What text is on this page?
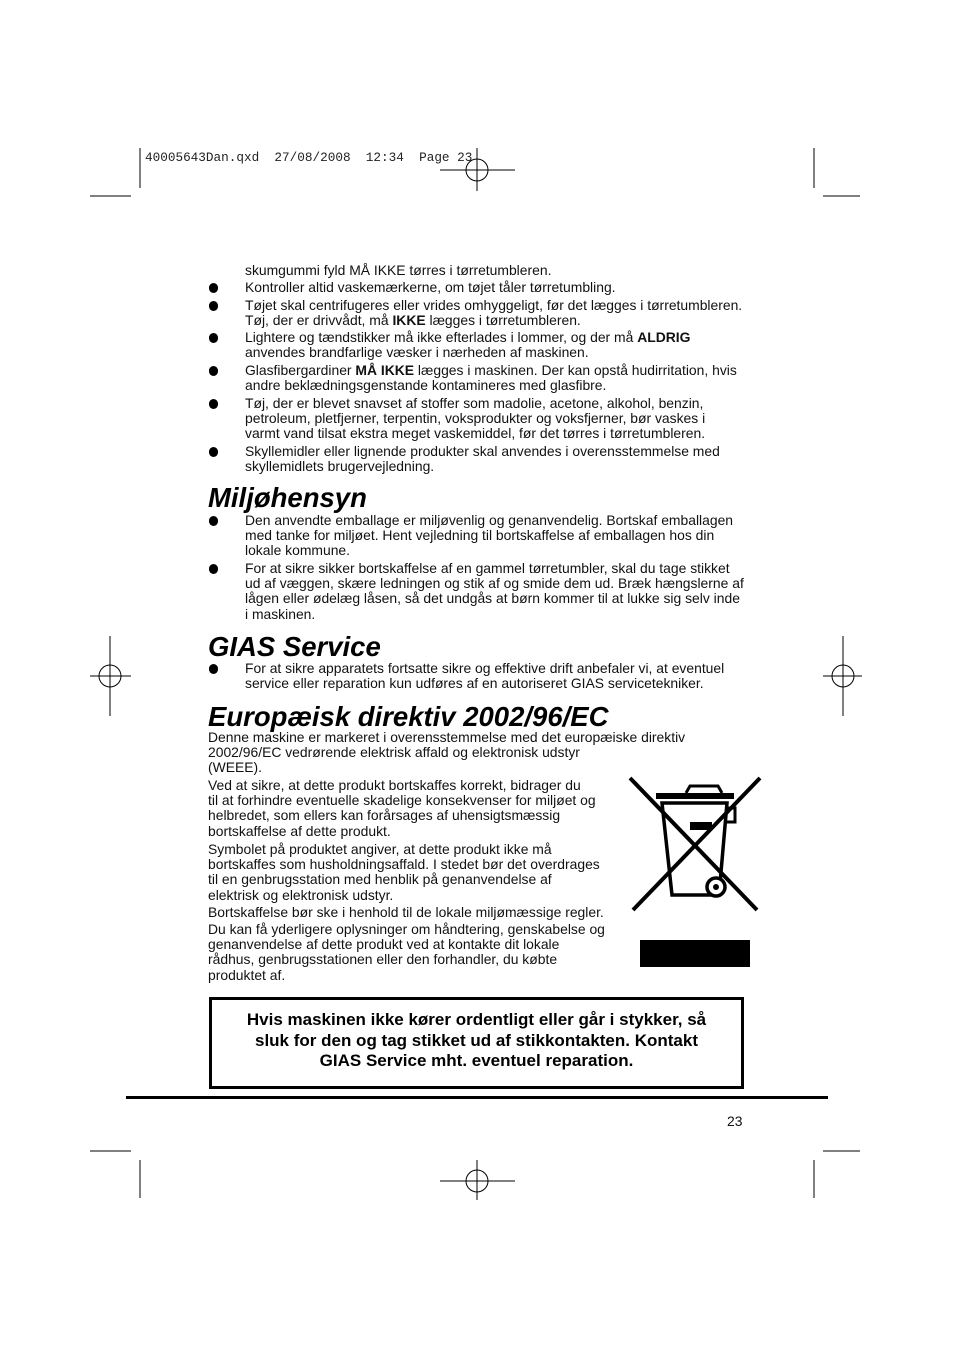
40005643Dan.qxd  27/08/2008  12:34  Page 23
skumgummi fyld MÅ IKKE tørres i tørretumbleren.
Kontroller altid vaskemærkerne, om tøjet tåler tørretumbling.
Tøjet skal centrifugeres eller vrides omhyggeligt, før det lægges i tørretumbleren.
Tøj, der er drivvådt, må IKKE lægges i tørretumbleren.
Lightere og tændstikker må ikke efterlades i lommer, og der må ALDRIG
anvendes brandfarlige væsker i nærheden af maskinen.
Glasfibergardiner MÅ IKKE lægges i maskinen. Der kan opstå hudirritation, hvis
andre beklædningsgenstande kontamineres med glasfibre.
Tøj, der er blevet snavset af stoffer som madolie, acetone, alkohol, benzin,
petroleum, pletfjerner, terpentin, voksprodukter og voksfjerner, bør vaskes i
varmt vand tilsat ekstra meget vaskemiddel, før det tørres i tørretumbleren.
Skyllemidler eller lignende produkter skal anvendes i overensstemmelse med
skyllemidlets brugervejledning.
Miljøhensyn
Den anvendte emballage er miljøvenlig og genanvendelig. Bortskaf emballagen
med tanke for miljøet. Hent vejledning til bortskaffelse af emballagen hos din
lokale kommune.
For at sikre sikker bortskaffelse af en gammel tørretumbler, skal du tage stikket
ud af væggen, skære ledningen og stik af og smide dem ud. Bræk hængslerne af
lågen eller ødelæg låsen, så det undgås at børn kommer til at lukke sig selv inde
i maskinen.
GIAS Service
For at sikre apparatets fortsatte sikre og effektive drift anbefaler vi, at eventuel
service eller reparation kun udføres af en autoriseret GIAS servicetekniker.
Europæisk direktiv 2002/96/EC
Denne maskine er markeret i overensstemmelse med det europæiske direktiv
2002/96/EC vedrørende elektrisk affald og elektronisk udstyr
(WEEE).
Ved at sikre, at dette produkt bortskaffes korrekt, bidrager du
til at forhindre eventuelle skadelige konsekvenser for miljøet og
helbredet, som ellers kan forårsages af uhensigtsmæssig
bortskaffelse af dette produkt.
Symbolet på produktet angiver, at dette produkt ikke må
bortskaffes som husholdningsaffald. I stedet bør det overdrages
til en genbrugsstation med henblik på genanvendelse af
elektrisk og elektronisk udstyr.
Bortskaffelse bør ske i henhold til de lokale miljømæssige regler.
Du kan få yderligere oplysninger om håndtering, genskabelse og
genanvendelse af dette produkt ved at kontakte dit lokale
rådhus, genbrugsstationen eller den forhandler, du købte
produktet af.
Hvis maskinen ikke kører ordentligt eller går i stykker, så
sluk for den og tag stikket ud af stikkontakten. Kontakt
GIAS Service mht. eventuel reparation.
23
